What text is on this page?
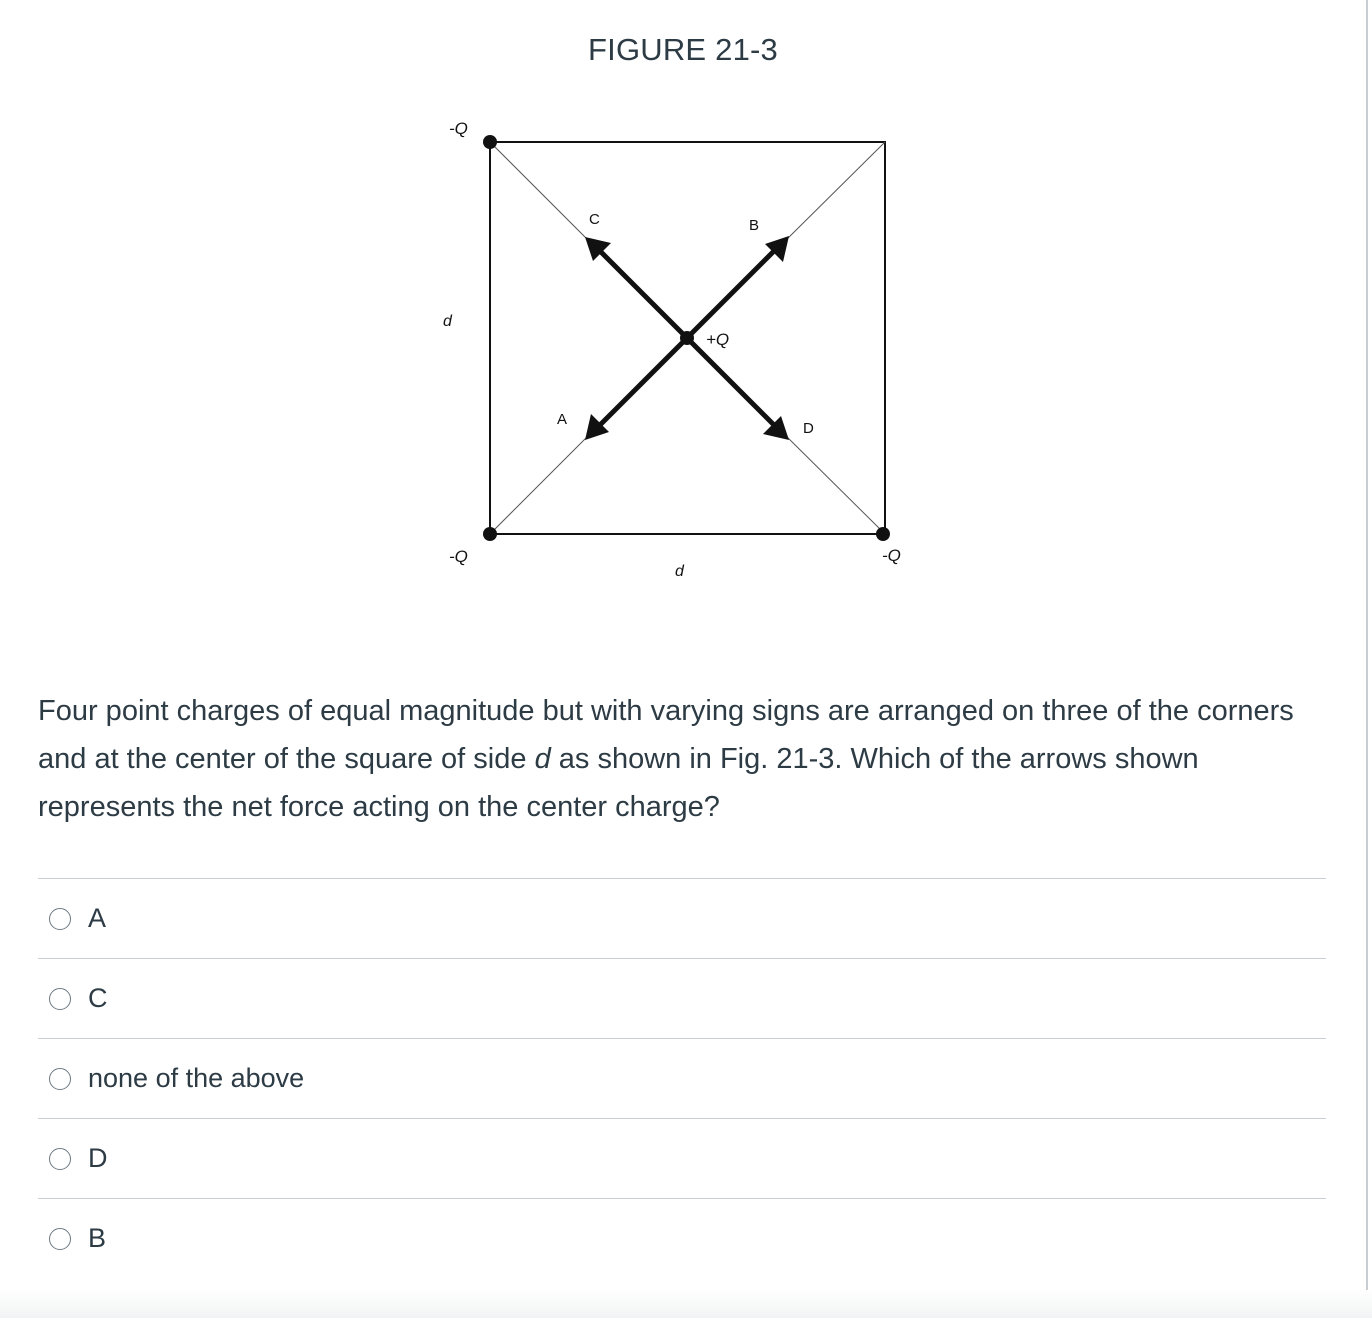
FIGURE 21-3
-Q
-Q	-Q
+Q
d
d
C	B
A
D
Four point charges of equal magnitude but with varying signs are arranged on three of the corners and at the center of the square of side d as shown in Fig. 21-3. Which of the arrows shown represents the net force acting on the center charge?
A
C
none of the above
D
B
